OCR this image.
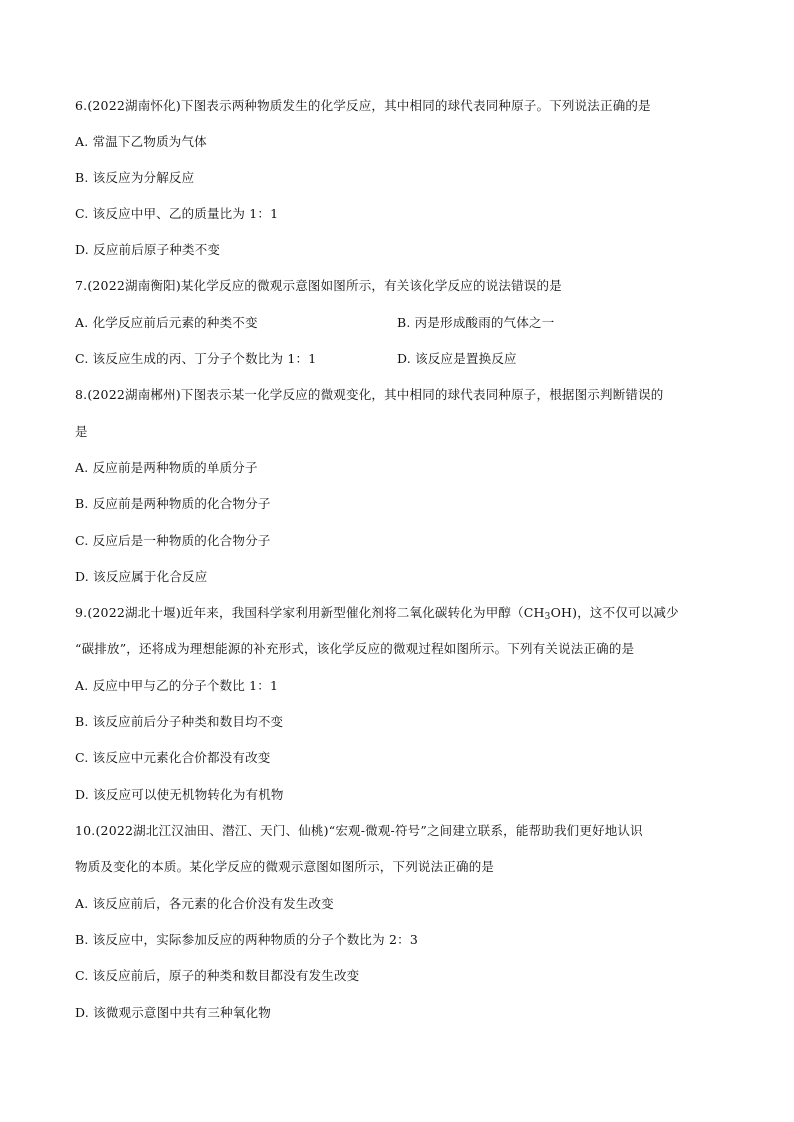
6.(2022湖南怀化)下图表示两种物质发生的化学反应，其中相同的球代表同种原子。下列说法正确的是
A. 常温下乙物质为气体
B. 该反应为分解反应
C. 该反应中甲、乙的质量比为 1：1
D. 反应前后原子种类不变
7.(2022湖南衡阳)某化学反应的微观示意图如图所示，有关该化学反应的说法错误的是
A. 化学反应前后元素的种类不变	B. 丙是形成酸雨的气体之一
C. 该反应生成的丙、丁分子个数比为 1：1	D. 该反应是置换反应
8.(2022湖南郴州)下图表示某一化学反应的微观变化，其中相同的球代表同种原子，根据图示判断错误的
是
A. 反应前是两种物质的单质分子
B. 反应前是两种物质的化合物分子
C. 反应后是一种物质的化合物分子
D. 该反应属于化合反应
9.(2022湖北十堰)近年来，我国科学家利用新型催化剂将二氧化碳转化为甲醇$(CH_3OH)$，这不仅可以减少
“碳排放”，还将成为理想能源的补充形式，该化学反应的微观过程如图所示。下列有关说法正确的是
A. 反应中甲与乙的分子个数比 1：1
B. 该反应前后分子种类和数目均不变
C. 该反应中元素化合价都没有改变
D. 该反应可以使无机物转化为有机物
10.(2022湖北江汉油田、潜江、天门、仙桃)“宏观-微观-符号”之间建立联系，能帮助我们更好地认识
物质及变化的本质。某化学反应的微观示意图如图所示，下列说法正确的是
A. 该反应前后，各元素的化合价没有发生改变
B. 该反应中，实际参加反应的两种物质的分子个数比为 2：3
C. 该反应前后，原子的种类和数目都没有发生改变
D. 该微观示意图中共有三种氧化物
